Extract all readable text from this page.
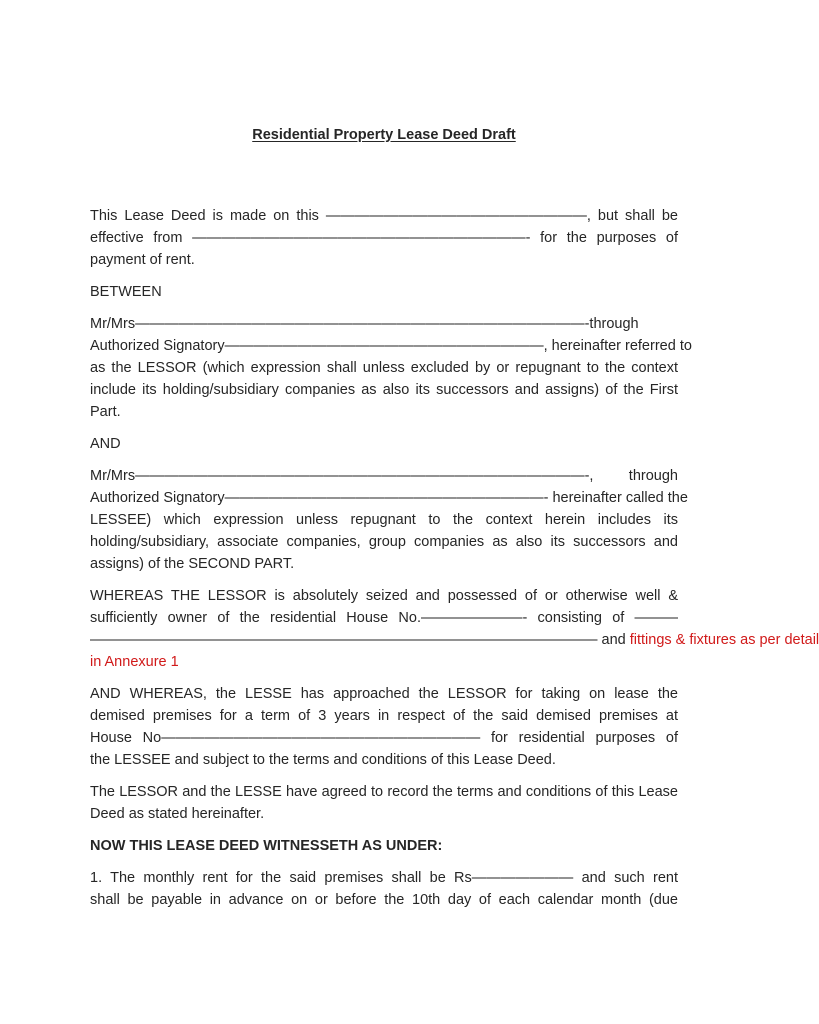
Residential Property Lease Deed Draft
This Lease Deed is made on this ——————————————————, but shall be
effective from ———————————————————————- for the purposes of
payment of rent.
BETWEEN
Mr/Mrs———————————————————————————————-through
Authorized Signatory——————————————————————, hereinafter referred to
as the LESSOR (which expression shall unless excluded by or repugnant to the context include its holding/subsidiary companies as also its successors and assigns) of the First Part.
AND
Mr/Mrs———————————————————————————————-, through
Authorized Signatory——————————————————————- hereinafter called the
LESSEE) which expression unless repugnant to the context herein includes its holding/subsidiary, associate companies, group companies as also its successors and assigns) of the SECOND PART.
WHEREAS THE LESSOR is absolutely seized and possessed of or otherwise well &
sufficiently owner of the residential House No.———————- consisting of ———
——————————————————————————————————— and fittings & fixtures as per detail
in Annexure 1
AND WHEREAS, the LESSE has approached the LESSOR for taking on lease the
demised premises for a term of 3 years in respect of the said demised premises at
House No—————————————————————— for residential purposes of
the LESSEE and subject to the terms and conditions of this Lease Deed.
The LESSOR and the LESSE have agreed to record the terms and conditions of this Lease Deed as stated hereinafter.
NOW THIS LEASE DEED WITNESSETH AS UNDER:
1. The monthly rent for the said premises shall be Rs——————— and such rent
shall be payable in advance on or before the 10th day of each calendar month (due
